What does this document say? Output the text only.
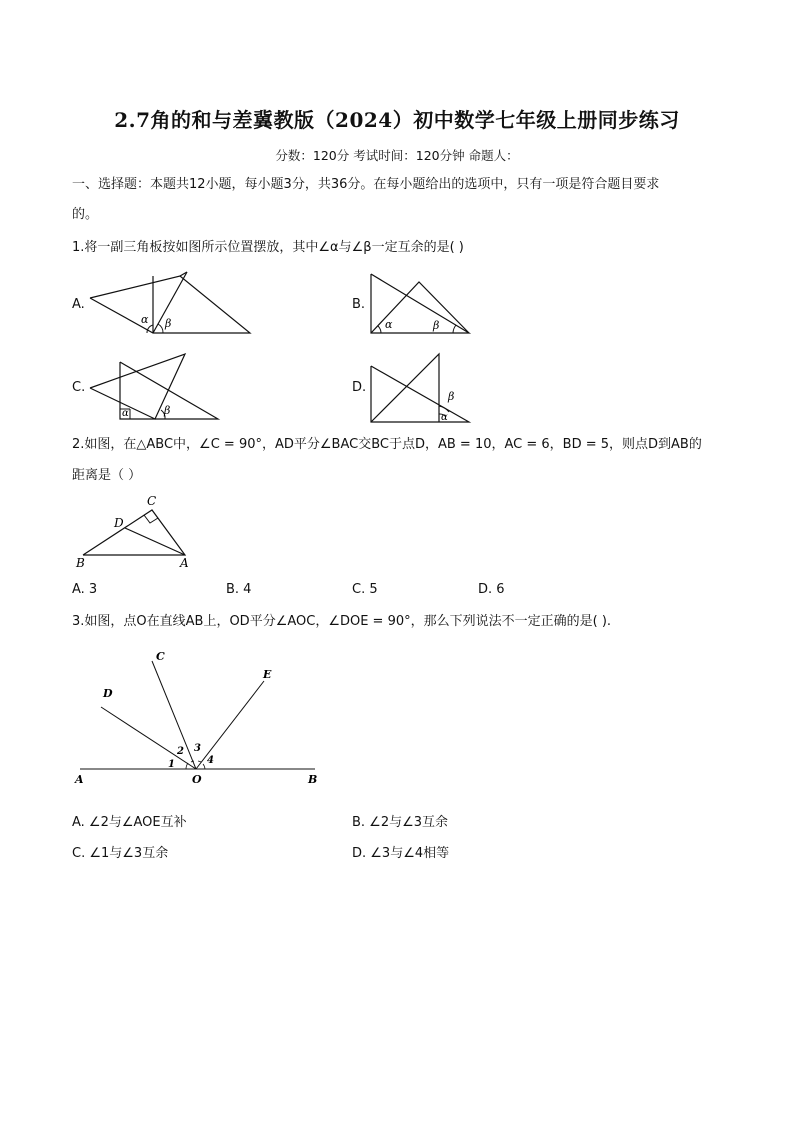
2.7角的和与差冀教版（2024）初中数学七年级上册同步练习
分数：120分 考试时间：120分钟 命题人：
一、选择题：本题共12小题，每小题3分，共36分。在每小题给出的选项中，只有一项是符合题目要求
的。
1.将一副三角板按如图所示位置摆放，其中∠α与∠β一定互余的是( )
A.
α β
B.
α	β
C.
α	β
D.
β
α
2.如图，在△ABC中，∠C = 90°，AD平分∠BAC交BC于点D，AB = 10，AC = 6，BD = 5，则点D到AB的
距离是（ ）
C
D
B	A
A. 3	B. 4	C. 5	D. 6
3.如图，点O在直线AB上，OD平分∠AOC，∠DOE = 90°，那么下列说法不一定正确的是( ).
C
D
E
A	O	B
1
2 3
4
A. ∠2与∠AOE互补	B. ∠2与∠3互余
C. ∠1与∠3互余	D. ∠3与∠4相等
